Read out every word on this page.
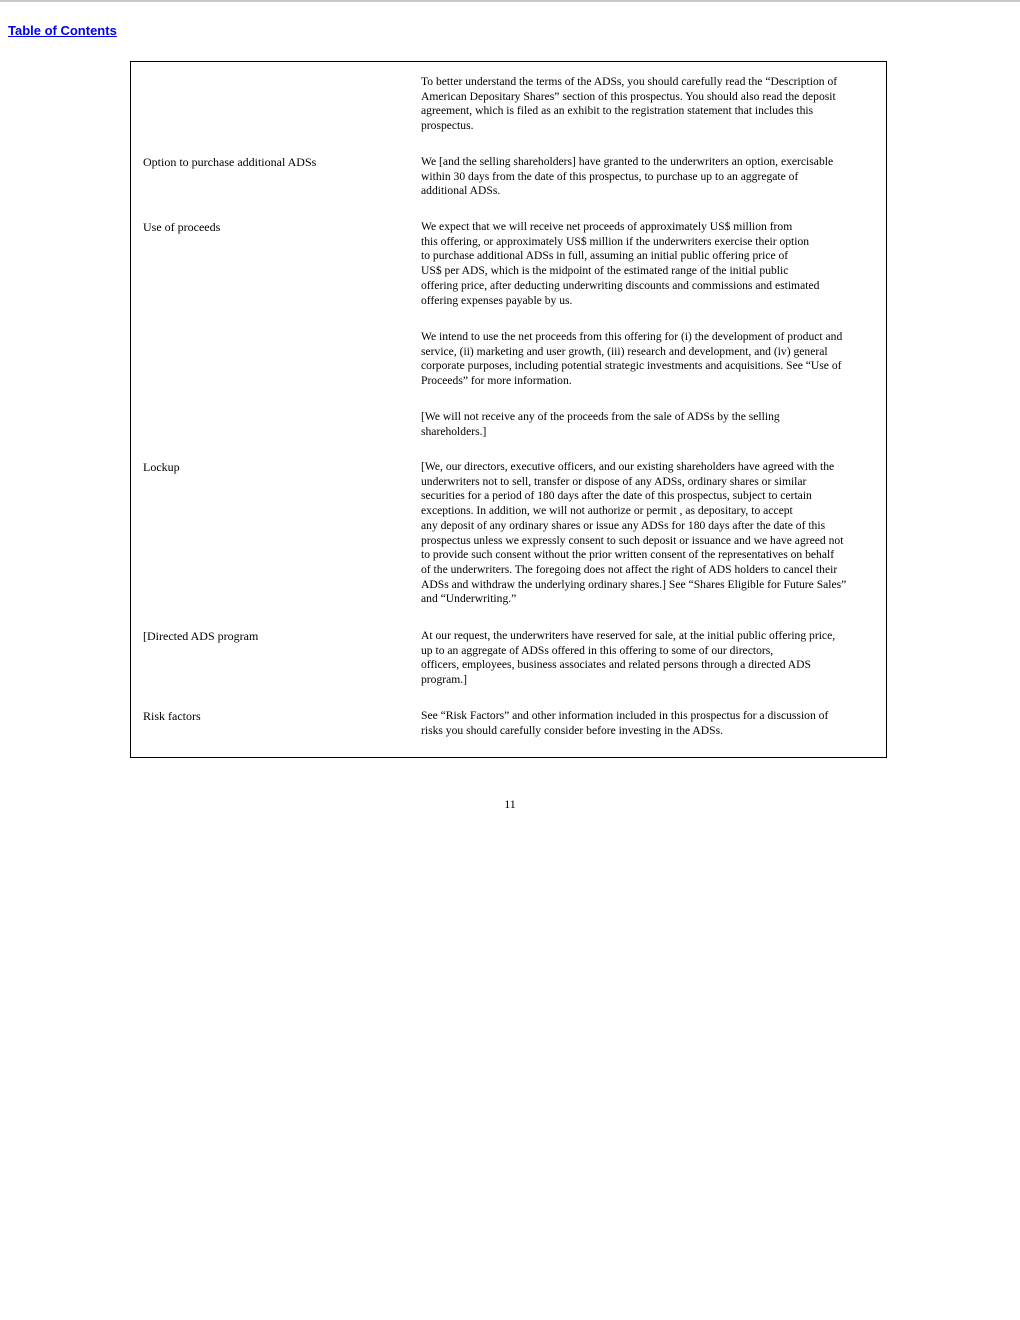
Table of Contents
To better understand the terms of the ADSs, you should carefully read the “Description of
American Depositary Shares” section of this prospectus. You should also read the deposit
agreement, which is filed as an exhibit to the registration statement that includes this
prospectus.
Option to purchase additional ADSs	We [and the selling shareholders] have granted to the underwriters an option, exercisable
within 30 days from the date of this prospectus, to purchase up to an aggregate of
additional ADSs.
Use of proceeds	We expect that we will receive net proceeds of approximately US$ million from
this offering, or approximately US$ million if the underwriters exercise their option
to purchase additional ADSs in full, assuming an initial public offering price of
US$ per ADS, which is the midpoint of the estimated range of the initial public
offering price, after deducting underwriting discounts and commissions and estimated
offering expenses payable by us.
We intend to use the net proceeds from this offering for (i) the development of product and
service, (ii) marketing and user growth, (iii) research and development, and (iv) general
corporate purposes, including potential strategic investments and acquisitions. See “Use of
Proceeds” for more information.
[We will not receive any of the proceeds from the sale of ADSs by the selling
shareholders.]
Lockup	[We, our directors, executive officers, and our existing shareholders have agreed with the
underwriters not to sell, transfer or dispose of any ADSs, ordinary shares or similar
securities for a period of 180 days after the date of this prospectus, subject to certain
exceptions. In addition, we will not authorize or permit , as depositary, to accept
any deposit of any ordinary shares or issue any ADSs for 180 days after the date of this
prospectus unless we expressly consent to such deposit or issuance and we have agreed not
to provide such consent without the prior written consent of the representatives on behalf
of the underwriters. The foregoing does not affect the right of ADS holders to cancel their
ADSs and withdraw the underlying ordinary shares.] See “Shares Eligible for Future Sales”
and “Underwriting.”
[Directed ADS program	At our request, the underwriters have reserved for sale, at the initial public offering price,
up to an aggregate of ADSs offered in this offering to some of our directors,
officers, employees, business associates and related persons through a directed ADS
program.]
Risk factors	See “Risk Factors” and other information included in this prospectus for a discussion of
risks you should carefully consider before investing in the ADSs.
11
